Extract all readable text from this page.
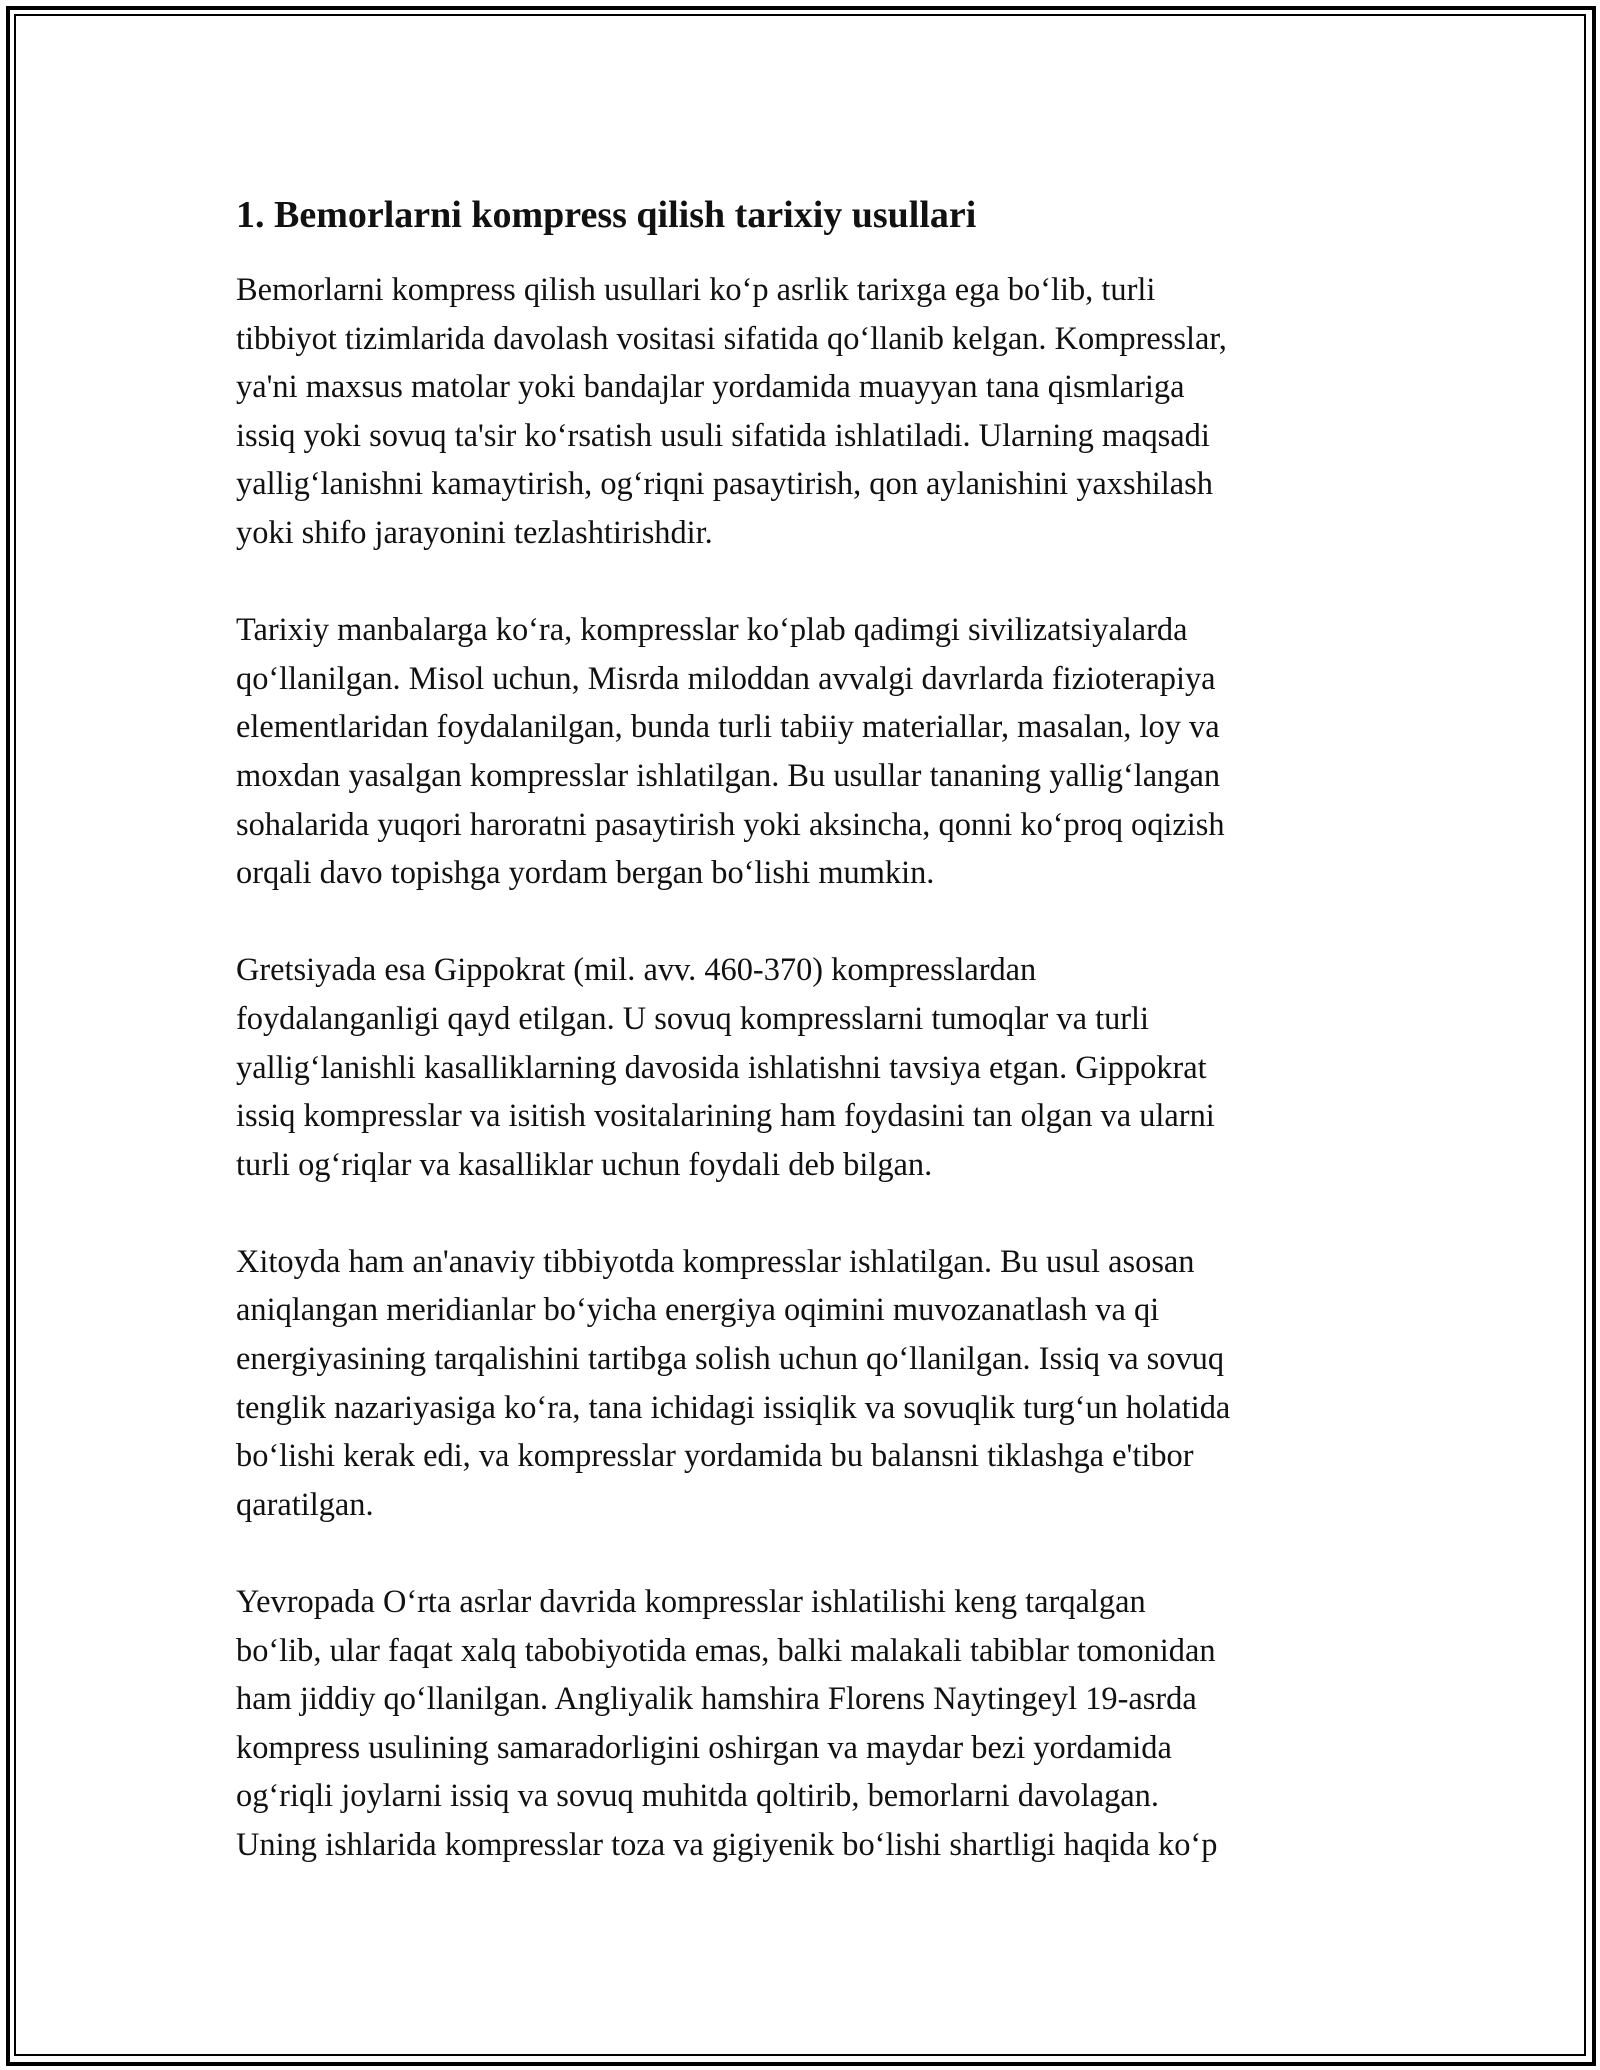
1. Bemorlarni kompress qilish tarixiy usullari

Bemorlarni kompress qilish usullari ko‘p asrlik tarixga ega bo‘lib, turli
tibbiyot tizimlarida davolash vositasi sifatida qo‘llanib kelgan. Kompresslar,
ya'ni maxsus matolar yoki bandajlar yordamida muayyan tana qismlariga
issiq yoki sovuq ta'sir ko‘rsatish usuli sifatida ishlatiladi. Ularning maqsadi
yallig‘lanishni kamaytirish, og‘riqni pasaytirish, qon aylanishini yaxshilash
yoki shifo jarayonini tezlashtirishdir.

Tarixiy manbalarga ko‘ra, kompresslar ko‘plab qadimgi sivilizatsiyalarda
qo‘llanilgan. Misol uchun, Misrda miloddan avvalgi davrlarda fizioterapiya
elementlaridan foydalanilgan, bunda turli tabiiy materiallar, masalan, loy va
moxdan yasalgan kompresslar ishlatilgan. Bu usullar tananing yallig‘langan
sohalarida yuqori haroratni pasaytirish yoki aksincha, qonni ko‘proq oqizish
orqali davo topishga yordam bergan bo‘lishi mumkin.

Gretsiyada esa Gippokrat (mil. avv. 460-370) kompresslardan
foydalanganligi qayd etilgan. U sovuq kompresslarni tumoqlar va turli
yallig‘lanishli kasalliklarning davosida ishlatishni tavsiya etgan. Gippokrat
issiq kompresslar va isitish vositalarining ham foydasini tan olgan va ularni
turli og‘riqlar va kasalliklar uchun foydali deb bilgan.

Xitoyda ham an'anaviy tibbiyotda kompresslar ishlatilgan. Bu usul asosan
aniqlangan meridianlar bo‘yicha energiya oqimini muvozanatlash va qi
energiyasining tarqalishini tartibga solish uchun qo‘llanilgan. Issiq va sovuq
tenglik nazariyasiga ko‘ra, tana ichidagi issiqlik va sovuqlik turg‘un holatida
bo‘lishi kerak edi, va kompresslar yordamida bu balansni tiklashga e'tibor
qaratilgan.

Yevropada O‘rta asrlar davrida kompresslar ishlatilishi keng tarqalgan
bo‘lib, ular faqat xalq tabobiyotida emas, balki malakali tabiblar tomonidan
ham jiddiy qo‘llanilgan. Angliyalik hamshira Florens Naytingeyl 19-asrda
kompress usulining samaradorligini oshirgan va maydar bezi yordamida
og‘riqli joylarni issiq va sovuq muhitda qoltirib, bemorlarni davolagan.
Uning ishlarida kompresslar toza va gigiyenik bo‘lishi shartligi haqida ko‘p
